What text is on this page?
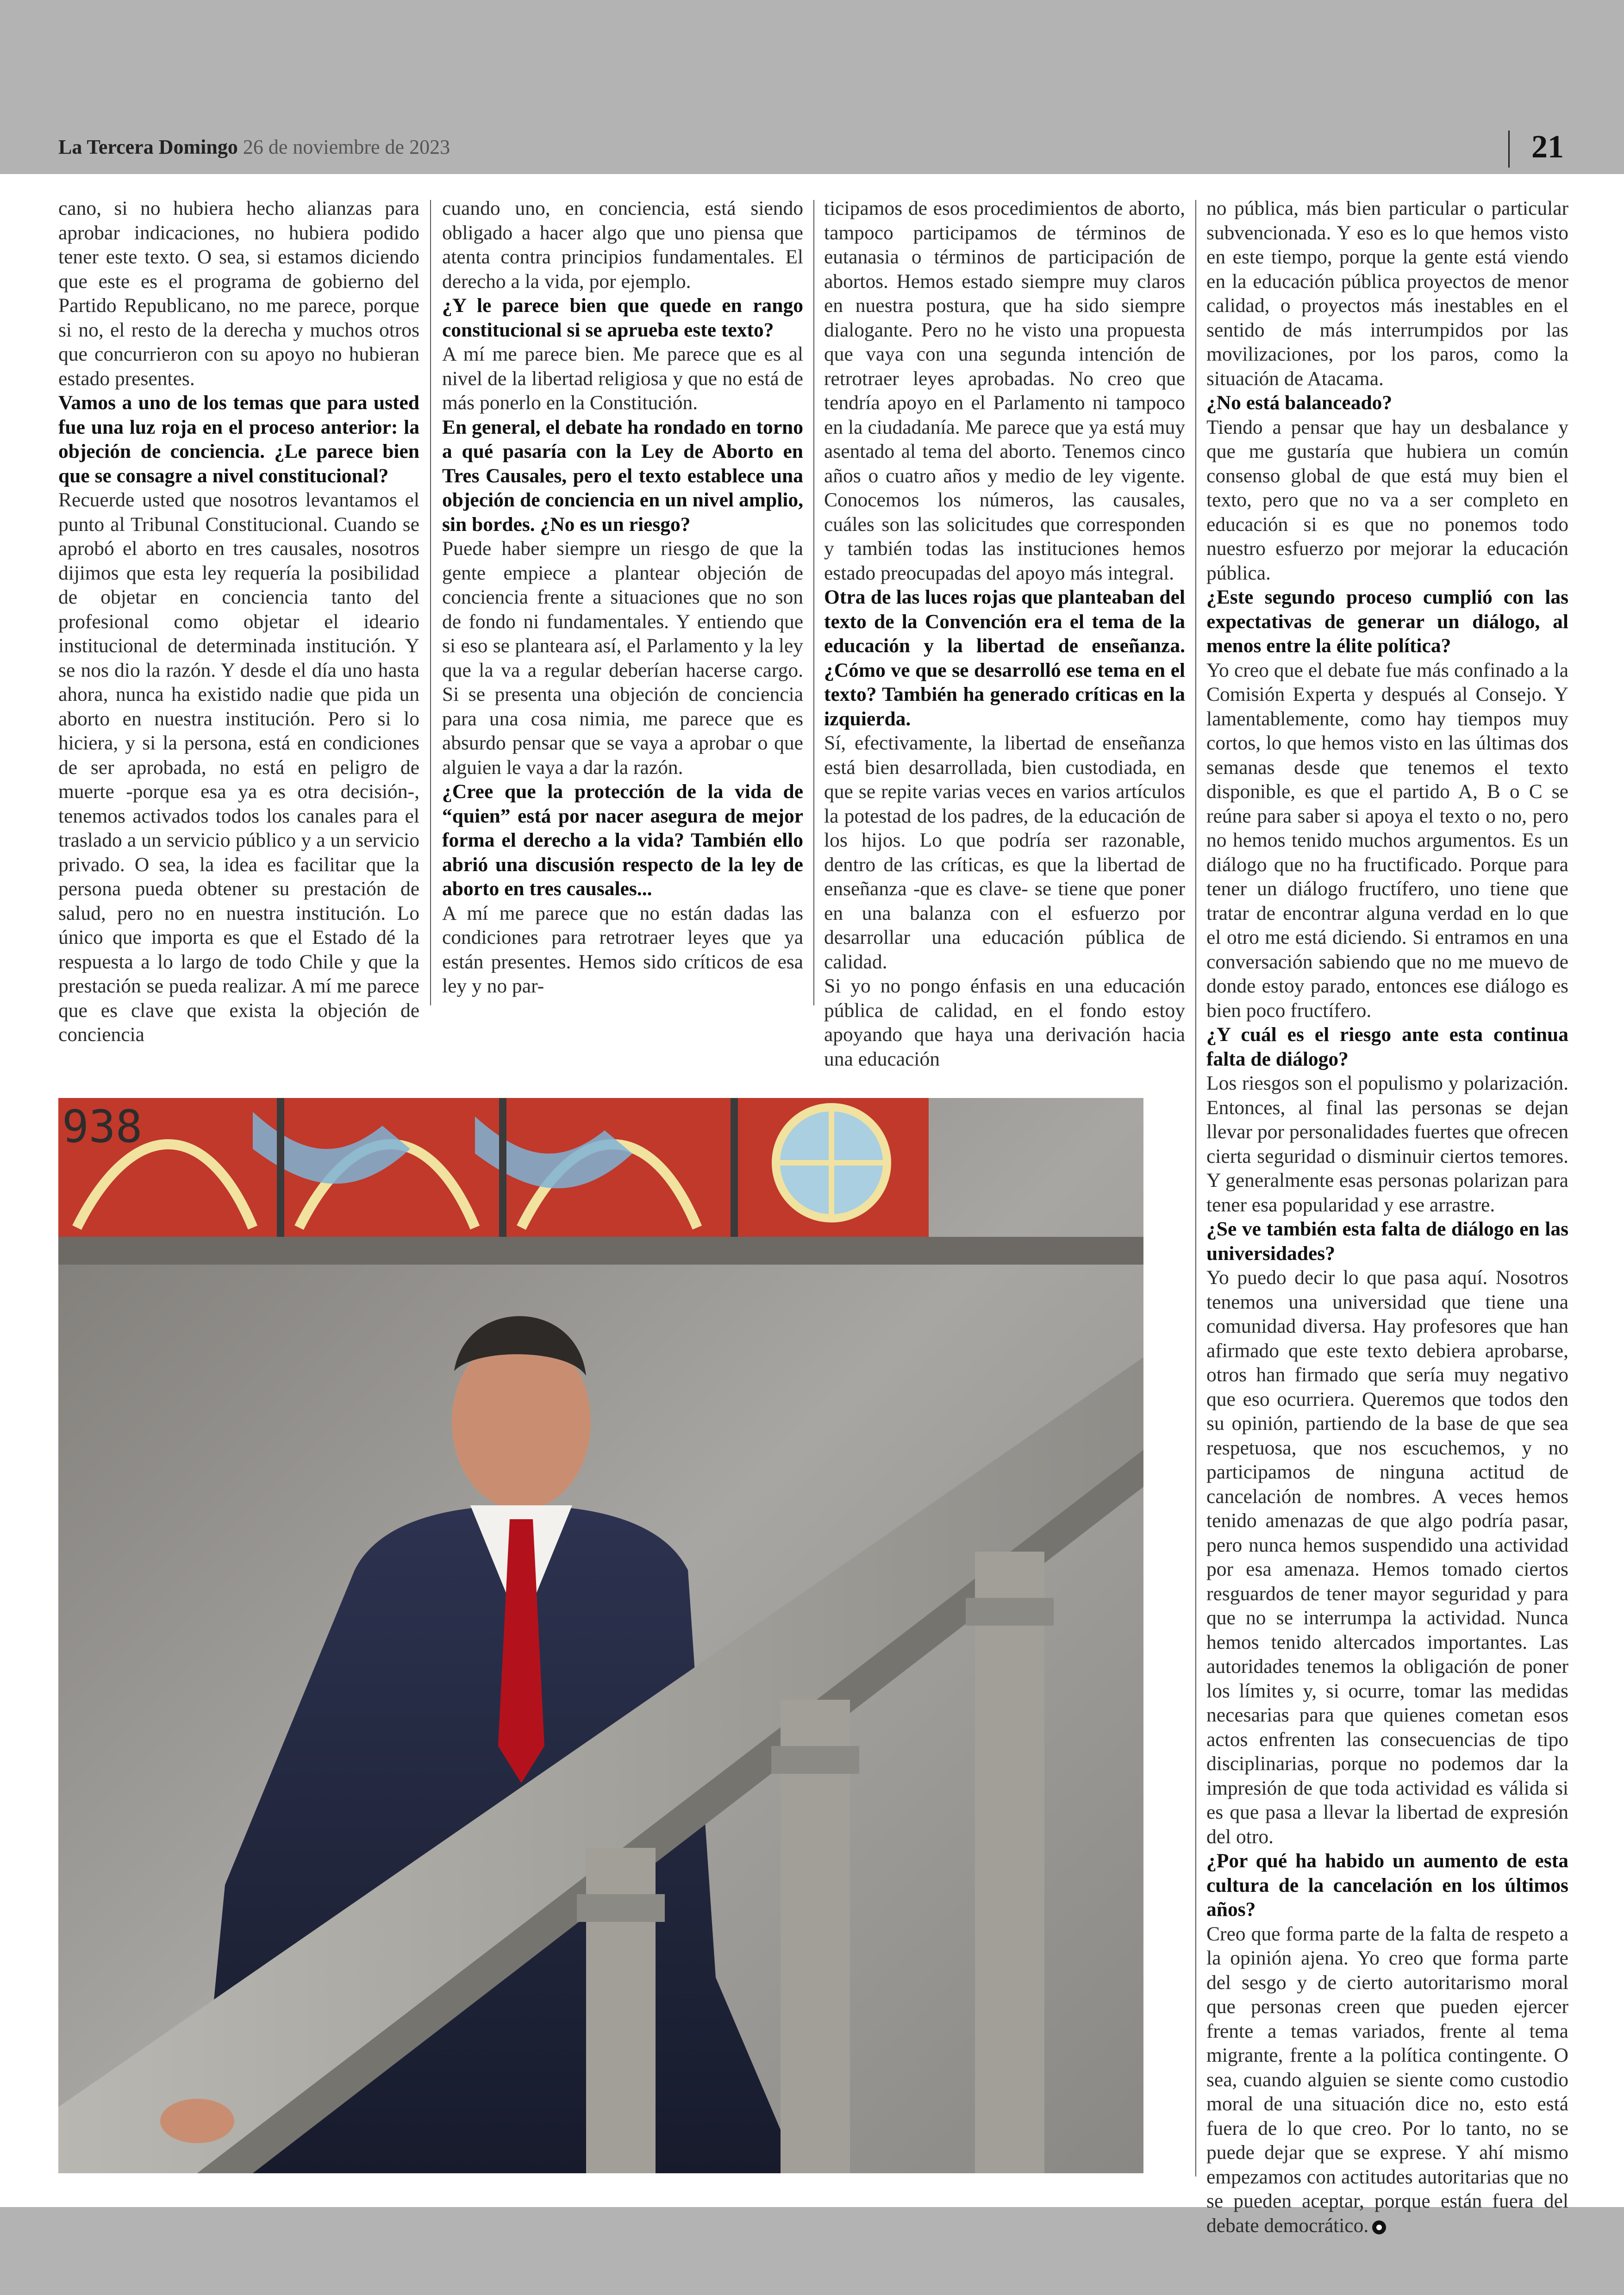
La Tercera Domingo 26 de noviembre de 2023	21

cano, si no hubiera hecho alianzas para aprobar indicaciones, no hubiera podido tener este texto. O sea, si estamos diciendo que este es el programa de gobierno del Partido Republicano, no me parece, porque si no, el resto de la derecha y muchos otros que concurrieron con su apoyo no hubieran estado presentes.

Vamos a uno de los temas que para usted fue una luz roja en el proceso anterior: la objeción de conciencia. ¿Le parece bien que se consagre a nivel constitucional?

Recuerde usted que nosotros levantamos el punto al Tribunal Constitucional. Cuando se aprobó el aborto en tres causales, nosotros dijimos que esta ley requería la posibilidad de objetar en conciencia tanto del profesional como objetar el ideario institucional de determinada institución. Y se nos dio la razón. Y desde el día uno hasta ahora, nunca ha existido nadie que pida un aborto en nuestra institución. Pero si lo hiciera, y si la persona, está en condiciones de ser aprobada, no está en peligro de muerte -porque esa ya es otra decisión-, tenemos activados todos los canales para el traslado a un servicio público y a un servicio privado. O sea, la idea es facilitar que la persona pueda obtener su prestación de salud, pero no en nuestra institución. Lo único que importa es que el Estado dé la respuesta a lo largo de todo Chile y que la prestación se pueda realizar. A mí me parece que es clave que exista la objeción de conciencia

cuando uno, en conciencia, está siendo obligado a hacer algo que uno piensa que atenta contra principios fundamentales. El derecho a la vida, por ejemplo.

¿Y le parece bien que quede en rango constitucional si se aprueba este texto?

A mí me parece bien. Me parece que es al nivel de la libertad religiosa y que no está de más ponerlo en la Constitución.

En general, el debate ha rondado en torno a qué pasaría con la Ley de Aborto en Tres Causales, pero el texto establece una objeción de conciencia en un nivel amplio, sin bordes. ¿No es un riesgo?

Puede haber siempre un riesgo de que la gente empiece a plantear objeción de conciencia frente a situaciones que no son de fondo ni fundamentales. Y entiendo que si eso se planteara así, el Parlamento y la ley que la va a regular deberían hacerse cargo. Si se presenta una objeción de conciencia para una cosa nimia, me parece que es absurdo pensar que se vaya a aprobar o que alguien le vaya a dar la razón.

¿Cree que la protección de la vida de “quien” está por nacer asegura de mejor forma el derecho a la vida? También ello abrió una discusión respecto de la ley de aborto en tres causales...

A mí me parece que no están dadas las condiciones para retrotraer leyes que ya están presentes. Hemos sido críticos de esa ley y no par-

ticipamos de esos procedimientos de aborto, tampoco participamos de términos de eutanasia o términos de participación de abortos. Hemos estado siempre muy claros en nuestra postura, que ha sido siempre dialogante. Pero no he visto una propuesta que vaya con una segunda intención de retrotraer leyes aprobadas. No creo que tendría apoyo en el Parlamento ni tampoco en la ciudadanía. Me parece que ya está muy asentado al tema del aborto. Tenemos cinco años o cuatro años y medio de ley vigente. Conocemos los números, las causales, cuáles son las solicitudes que corresponden y también todas las instituciones hemos estado preocupadas del apoyo más integral.

Otra de las luces rojas que planteaban del texto de la Convención era el tema de la educación y la libertad de enseñanza. ¿Cómo ve que se desarrolló ese tema en el texto? También ha generado críticas en la izquierda.

Sí, efectivamente, la libertad de enseñanza está bien desarrollada, bien custodiada, en que se repite varias veces en varios artículos la potestad de los padres, de la educación de los hijos. Lo que podría ser razonable, dentro de las críticas, es que la libertad de enseñanza -que es clave- se tiene que poner en una balanza con el esfuerzo por desarrollar una educación pública de calidad.

Si yo no pongo énfasis en una educación pública de calidad, en el fondo estoy apoyando que haya una derivación hacia una educación

no pública, más bien particular o particular subvencionada. Y eso es lo que hemos visto en este tiempo, porque la gente está viendo en la educación pública proyectos de menor calidad, o proyectos más inestables en el sentido de más interrumpidos por las movilizaciones, por los paros, como la situación de Atacama.

¿No está balanceado?

Tiendo a pensar que hay un desbalance y que me gustaría que hubiera un común consenso global de que está muy bien el texto, pero que no va a ser completo en educación si es que no ponemos todo nuestro esfuerzo por mejorar la educación pública.

¿Este segundo proceso cumplió con las expectativas de generar un diálogo, al menos entre la élite política?

Yo creo que el debate fue más confinado a la Comisión Experta y después al Consejo. Y lamentablemente, como hay tiempos muy cortos, lo que hemos visto en las últimas dos semanas desde que tenemos el texto disponible, es que el partido A, B o C se reúne para saber si apoya el texto o no, pero no hemos tenido muchos argumentos. Es un diálogo que no ha fructificado. Porque para tener un diálogo fructífero, uno tiene que tratar de encontrar alguna verdad en lo que el otro me está diciendo. Si entramos en una conversación sabiendo que no me muevo de donde estoy parado, entonces ese diálogo es bien poco fructífero.

¿Y cuál es el riesgo ante esta continua falta de diálogo?

Los riesgos son el populismo y polarización. Entonces, al final las personas se dejan llevar por personalidades fuertes que ofrecen cierta seguridad o disminuir ciertos temores. Y generalmente esas personas polarizan para tener esa popularidad y ese arrastre.

¿Se ve también esta falta de diálogo en las universidades?

Yo puedo decir lo que pasa aquí. Nosotros tenemos una universidad que tiene una comunidad diversa. Hay profesores que han afirmado que este texto debiera aprobarse, otros han firmado que sería muy negativo que eso ocurriera. Queremos que todos den su opinión, partiendo de la base de que sea respetuosa, que nos escuchemos, y no participamos de ninguna actitud de cancelación de nombres. A veces hemos tenido amenazas de que algo podría pasar, pero nunca hemos suspendido una actividad por esa amenaza. Hemos tomado ciertos resguardos de tener mayor seguridad y para que no se interrumpa la actividad. Nunca hemos tenido altercados importantes. Las autoridades tenemos la obligación de poner los límites y, si ocurre, tomar las medidas necesarias para que quienes cometan esos actos enfrenten las consecuencias de tipo disciplinarias, porque no podemos dar la impresión de que toda actividad es válida si es que pasa a llevar la libertad de expresión del otro.

¿Por qué ha habido un aumento de esta cultura de la cancelación en los últimos años?

Creo que forma parte de la falta de respeto a la opinión ajena. Yo creo que forma parte del sesgo y de cierto autoritarismo moral que personas creen que pueden ejercer frente a temas variados, frente al tema migrante, frente a la política contingente. O sea, cuando alguien se siente como custodio moral de una situación dice no, esto está fuera de lo que creo. Por lo tanto, no se puede dejar que se exprese. Y ahí mismo empezamos con actitudes autoritarias que no se pueden aceptar, porque están fuera del debate democrático.

938
